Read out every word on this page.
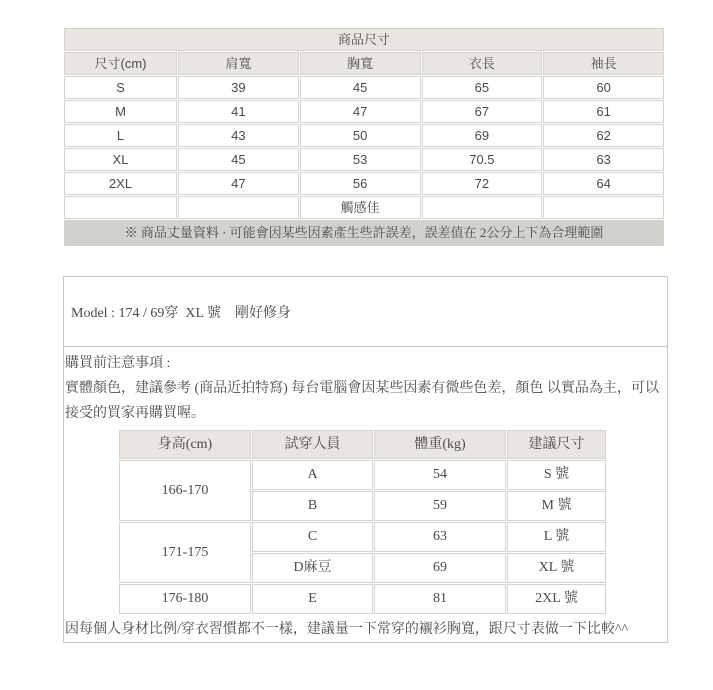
商品尺寸				
尺寸(cm)	肩寬	胸寬	衣長	袖長
S	39	45	65	60
M	41	47	67	61
L	43	50	69	62
XL	45	53	70.5	63
2XL	47	56	72	64
		觸感佳		
※ 商品丈量資料 · 可能會因某些因素產生些許誤差，誤差值在 2公分上下為合理範圍				
Model : 174 / 69穿  XL 號　剛好修身
購買前注意事項 :
實體顏色，建議參考 (商品近拍特寫) 每台電腦會因某些因素有微些色差，顏色 以實品為主，可以接受的買家再購買喔。
身高(cm)	試穿人員	體重(kg)	建議尺寸
166-170	A	54	S 號
	B	59	M 號
171-175	C	63	L 號
	D麻豆	69	XL 號
176-180	E	81	2XL 號
因每個人身材比例/穿衣習慣都不一樣，建議量一下常穿的襯衫胸寬，跟尺寸表做一下比較^^
